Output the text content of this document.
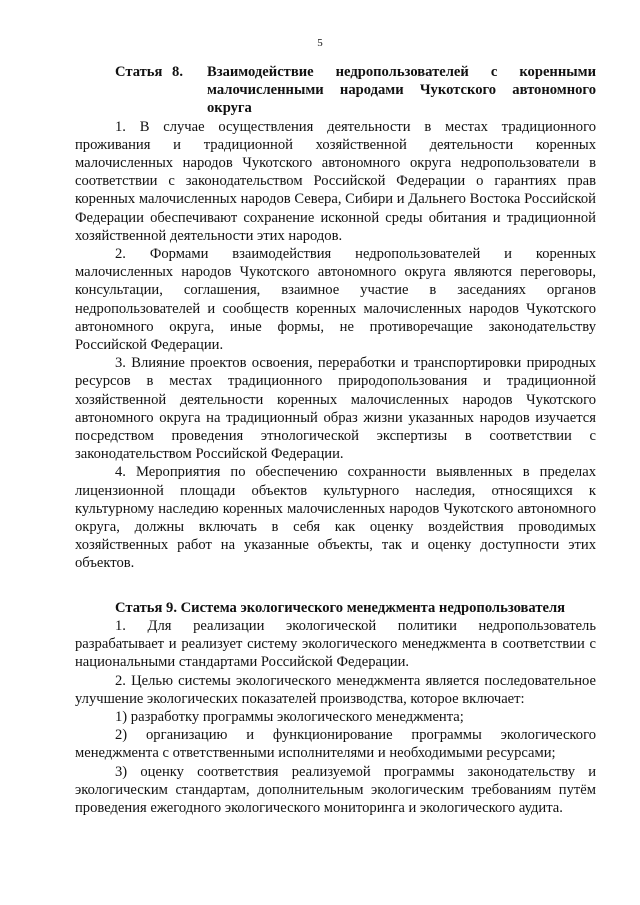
5
Статья 8.	Взаимодействие недропользователей с коренными малочисленными народами Чукотского автономного округа

1. В случае осуществления деятельности в местах традиционного проживания и традиционной хозяйственной деятельности коренных малочисленных народов Чукотского автономного округа недропользователи в соответствии с законодательством Российской Федерации о гарантиях прав коренных малочисленных народов Севера, Сибири и Дальнего Востока Российской Федерации обеспечивают сохранение исконной среды обитания и традиционной хозяйственной деятельности этих народов.

2. Формами взаимодействия недропользователей и коренных малочисленных народов Чукотского автономного округа являются переговоры, консультации, соглашения, взаимное участие в заседаниях органов недропользователей и сообществ коренных малочисленных народов Чукотского автономного округа, иные формы, не противоречащие законодательству Российской Федерации.

3. Влияние проектов освоения, переработки и транспортировки природных ресурсов в местах традиционного природопользования и традиционной хозяйственной деятельности коренных малочисленных народов Чукотского автономного округа на традиционный образ жизни указанных народов изучается посредством проведения этнологической экспертизы в соответствии с законодательством Российской Федерации.

4. Мероприятия по обеспечению сохранности выявленных в пределах лицензионной площади объектов культурного наследия, относящихся к культурному наследию коренных малочисленных народов Чукотского автономного округа, должны включать в себя как оценку воздействия проводимых хозяйственных работ на указанные объекты, так и оценку доступности этих объектов.

Статья 9. Система экологического менеджмента недропользователя

1. Для реализации экологической политики недропользователь разрабатывает и реализует систему экологического менеджмента в соответствии с национальными стандартами Российской Федерации.

2. Целью системы экологического менеджмента является последовательное улучшение экологических показателей производства, которое включает:

1) разработку программы экологического менеджмента;

2) организацию и функционирование программы экологического менеджмента с ответственными исполнителями и необходимыми ресурсами;

3) оценку соответствия реализуемой программы законодательству и экологическим стандартам, дополнительным экологическим требованиям путём проведения ежегодного экологического мониторинга и экологического аудита.
